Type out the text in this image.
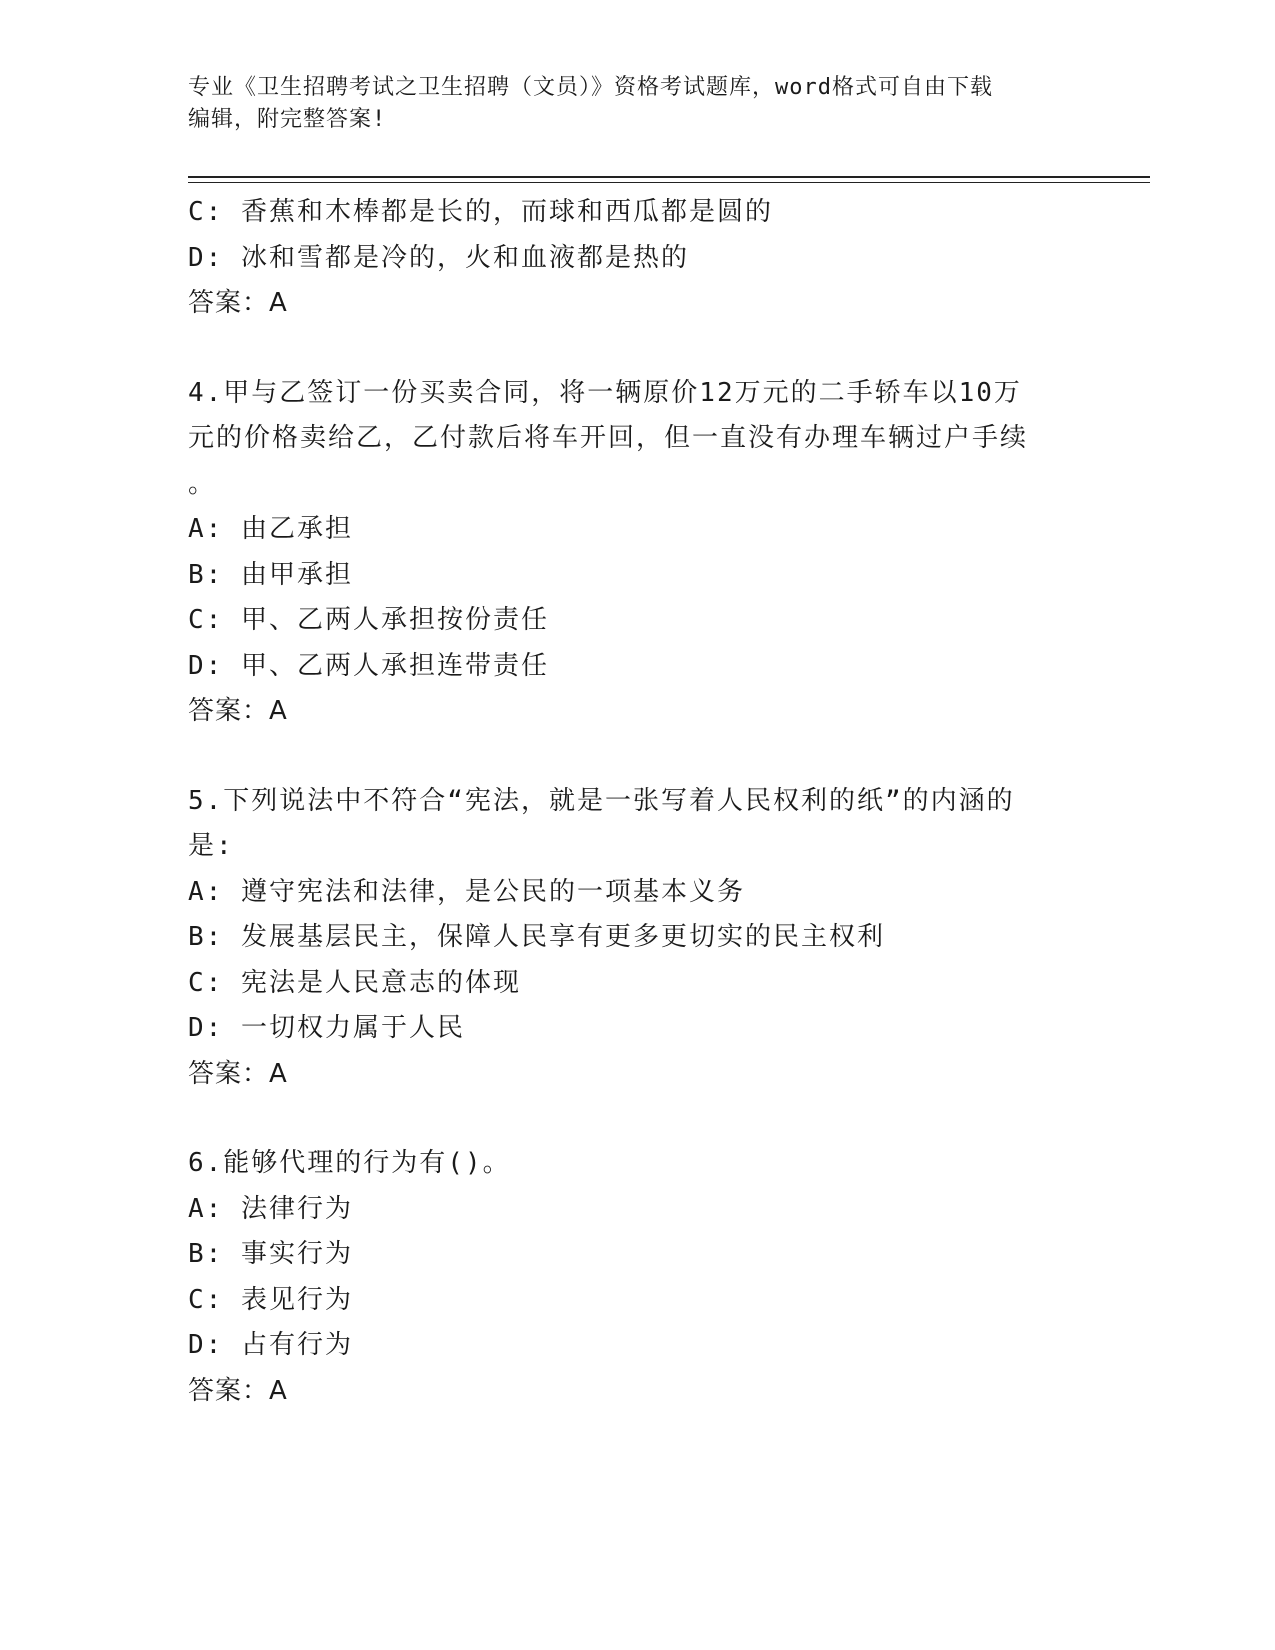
专业《卫生招聘考试之卫生招聘（文员）》资格考试题库，word格式可自由下载
编辑，附完整答案!
C: 香蕉和木棒都是长的，而球和西瓜都是圆的
D: 冰和雪都是冷的，火和血液都是热的
答案：A
4.甲与乙签订一份买卖合同，将一辆原价12万元的二手轿车以10万
元的价格卖给乙，乙付款后将车开回，但一直没有办理车辆过户手续
。
A: 由乙承担
B: 由甲承担
C: 甲、乙两人承担按份责任
D: 甲、乙两人承担连带责任
答案：A
5.下列说法中不符合“宪法，就是一张写着人民权利的纸”的内涵的
是:
A: 遵守宪法和法律，是公民的一项基本义务
B: 发展基层民主，保障人民享有更多更切实的民主权利
C: 宪法是人民意志的体现
D: 一切权力属于人民
答案：A
6.能够代理的行为有()。
A: 法律行为
B: 事实行为
C: 表见行为
D: 占有行为
答案：A
